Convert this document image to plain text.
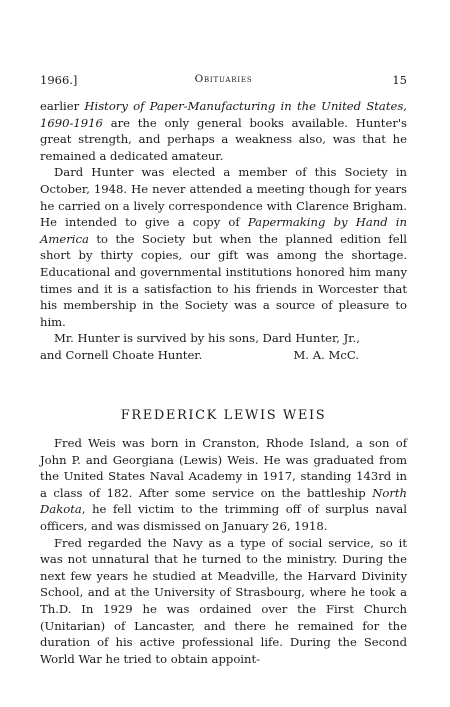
1966.]	Obituaries	15

earlier History of Paper-Manufacturing in the United States, 1690-1916 are the only general books available. Hunter's great strength, and perhaps a weakness also, was that he remained a dedicated amateur.

Dard Hunter was elected a member of this Society in October, 1948. He never attended a meeting though for years he carried on a lively correspondence with Clarence Brigham. He intended to give a copy of Papermaking by Hand in America to the Society but when the planned edition fell short by thirty copies, our gift was among the shortage. Educational and governmental institutions honored him many times and it is a satisfaction to his friends in Worcester that his membership in the Society was a source of pleasure to him.

Mr. Hunter is survived by his sons, Dard Hunter, Jr.,

and Cornell Choate Hunter.	M. A. McC.

FREDERICK LEWIS WEIS

Fred Weis was born in Cranston, Rhode Island, a son of John P. and Georgiana (Lewis) Weis. He was graduated from the United States Naval Academy in 1917, standing 143rd in a class of 182. After some service on the battleship North Dakota, he fell victim to the trimming off of surplus naval officers, and was dismissed on January 26, 1918.

Fred regarded the Navy as a type of social service, so it was not unnatural that he turned to the ministry. During the next few years he studied at Meadville, the Harvard Divinity School, and at the University of Strasbourg, where he took a Th.D. In 1929 he was ordained over the First Church (Unitarian) of Lancaster, and there he remained for the duration of his active professional life. During the Second World War he tried to obtain appoint-
